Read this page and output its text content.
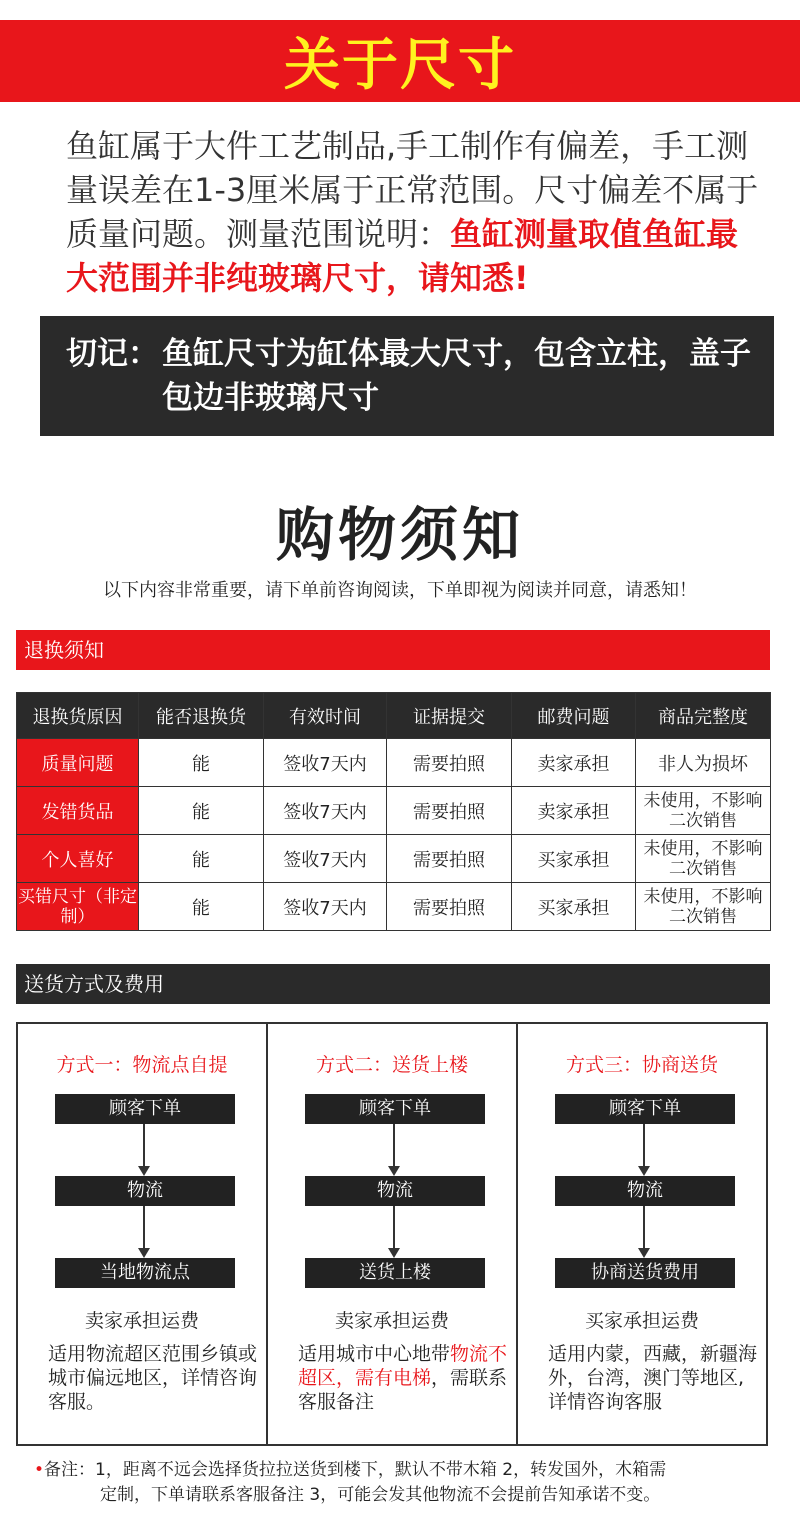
关于尺寸
鱼缸属于大件工艺制品,手工制作有偏差，手工测量误差在1-3厘米属于正常范围。尺寸偏差不属于质量问题。测量范围说明：鱼缸测量取值鱼缸最大范围并非纯玻璃尺寸，请知悉!
切记： 鱼缸尺寸为缸体最大尺寸，包含立柱，盖子包边非玻璃尺寸
购物须知
以下内容非常重要，请下单前咨询阅读，下单即视为阅读并同意，请悉知！
退换须知
退换货原因	能否退换货	有效时间	证据提交	邮费问题	商品完整度
质量问题	能	签收7天内	需要拍照	卖家承担	非人为损坏
发错货品	能	签收7天内	需要拍照	卖家承担	未使用，不影响二次销售
个人喜好	能	签收7天内	需要拍照	买家承担	未使用，不影响二次销售
买错尺寸（非定制）	能	签收7天内	需要拍照	买家承担	未使用，不影响二次销售
送货方式及费用
方式一：物流点自提
顾客下单
物流
当地物流点
卖家承担运费
适用物流超区范围乡镇或城市偏远地区，详情咨询客服。
方式二：送货上楼
顾客下单
物流
送货上楼
卖家承担运费
适用城市中心地带物流不超区，需有电梯，需联系客服备注
方式三：协商送货
顾客下单
物流
协商送货费用
买家承担运费
适用内蒙，西藏，新疆海外，台湾，澳门等地区,详情咨询客服
•备注：1，距离不远会选择货拉拉送货到楼下，默认不带木箱 2，转发国外，木箱需
定制，下单请联系客服备注 3，可能会发其他物流不会提前告知承诺不变。
